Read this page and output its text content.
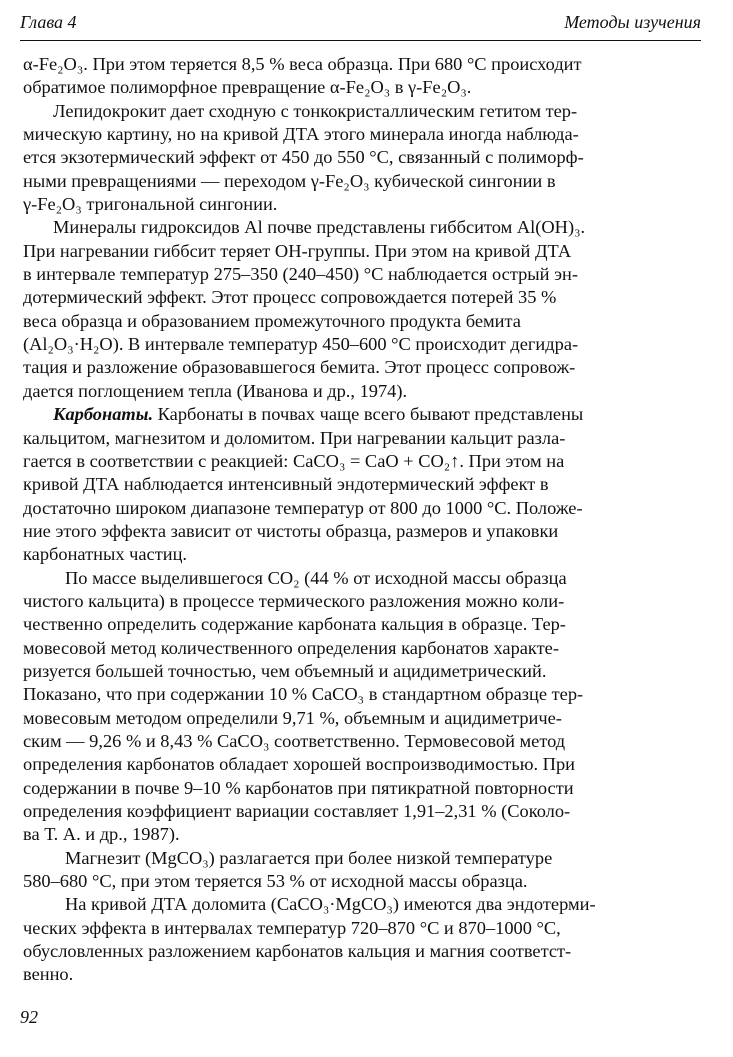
Глава 4	Методы изучения

α-Fe₂O₃. При этом теряется 8,5 % веса образца. При 680 °С происходит
обратимое полиморфное превращение α-Fe₂O₃ в γ-Fe₂O₃.

Лепидокрокит дает сходную с тонкокристаллическим гетитом тер-
мическую картину, но на кривой ДТА этого минерала иногда наблюда-
ется экзотермический эффект от 450 до 550 °С, связанный с полиморф-
ными превращениями — переходом γ-Fe₂O₃ кубической сингонии в
γ-Fe₂O₃ тригональной сингонии.

Минералы гидроксидов Al почве представлены гиббситом Al(OH)₃.
При нагревании гиббсит теряет ОН-группы. При этом на кривой ДТА
в интервале температур 275–350 (240–450) °С наблюдается острый эн-
дотермический эффект. Этот процесс сопровождается потерей 35 %
веса образца и образованием промежуточного продукта бемита
(Al₂O₃·H₂O). В интервале температур 450–600 °С происходит дегидра-
тация и разложение образовавшегося бемита. Этот процесс сопровож-
дается поглощением тепла (Иванова и др., 1974).

Карбонаты. Карбонаты в почвах чаще всего бывают представлены
кальцитом, магнезитом и доломитом. При нагревании кальцит разла-
гается в соответствии с реакцией: CaCO₃ = CaO + CO₂↑. При этом на
кривой ДТА наблюдается интенсивный эндотермический эффект в
достаточно широком диапазоне температур от 800 до 1000 °С. Положе-
ние этого эффекта зависит от чистоты образца, размеров и упаковки
карбонатных частиц.

По массе выделившегося CO₂ (44 % от исходной массы образца
чистого кальцита) в процессе термического разложения можно коли-
чественно определить содержание карбоната кальция в образце. Тер-
мовесовой метод количественного определения карбонатов характе-
ризуется большей точностью, чем объемный и ацидиметрический.
Показано, что при содержании 10 % CaCO₃ в стандартном образце тер-
мовесовым методом определили 9,71 %, объемным и ацидиметриче-
ским — 9,26 % и 8,43 % CaCO₃ соответственно. Термовесовой метод
определения карбонатов обладает хорошей воспроизводимостью. При
содержании в почве 9–10 % карбонатов при пятикратной повторности
определения коэффициент вариации составляет 1,91–2,31 % (Соколо-
ва Т. А. и др., 1987).

Магнезит (MgCO₃) разлагается при более низкой температуре
580–680 °С, при этом теряется 53 % от исходной массы образца.

На кривой ДТА доломита (CaCO₃·MgCO₃) имеются два эндотерми-
ческих эффекта в интервалах температур 720–870 °С и 870–1000 °С,
обусловленных разложением карбонатов кальция и магния соответст-
венно.

92
